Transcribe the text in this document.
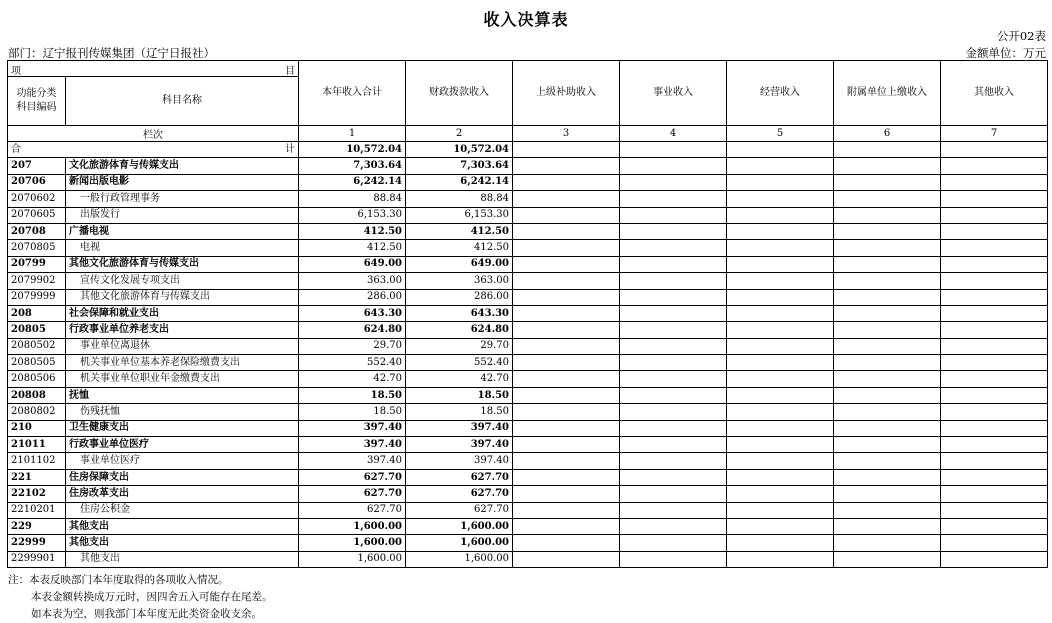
收入决算表
公开02表
部门：辽宁报刊传媒集团（辽宁日报社）	金额单位：万元
项 目		本年收入合计	财政拨款收入	上级补助收入	事业收入	经营收入	附属单位上缴收入	其他收入
功能分类科目编码	科目名称							
栏次		1	2	3	4	5	6	7

合 计		10,572.04	10,572.04					
207	文化旅游体育与传媒支出	7,303.64	7,303.64					
20706	新闻出版电影	6,242.14	6,242.14					
2070602	一般行政管理事务	88.84	88.84					
2070605	出版发行	6,153.30	6,153.30					
20708	广播电视	412.50	412.50					
2070805	电视	412.50	412.50					
20799	其他文化旅游体育与传媒支出	649.00	649.00					
2079902	宣传文化发展专项支出	363.00	363.00					
2079999	其他文化旅游体育与传媒支出	286.00	286.00					
208	社会保障和就业支出	643.30	643.30					
20805	行政事业单位养老支出	624.80	624.80					
2080502	事业单位离退休	29.70	29.70					
2080505	机关事业单位基本养老保险缴费支出	552.40	552.40					
2080506	机关事业单位职业年金缴费支出	42.70	42.70					
20808	抚恤	18.50	18.50					
2080802	伤残抚恤	18.50	18.50					
210	卫生健康支出	397.40	397.40					
21011	行政事业单位医疗	397.40	397.40					
2101102	事业单位医疗	397.40	397.40					
221	住房保障支出	627.70	627.70					
22102	住房改革支出	627.70	627.70					
2210201	住房公积金	627.70	627.70					
229	其他支出	1,600.00	1,600.00					
22999	其他支出	1,600.00	1,600.00					
2299901	其他支出	1,600.00	1,600.00					
注：本表反映部门本年度取得的各项收入情况。
本表金额转换成万元时，因四舍五入可能存在尾差。
如本表为空，则我部门本年度无此类资金收支余。
